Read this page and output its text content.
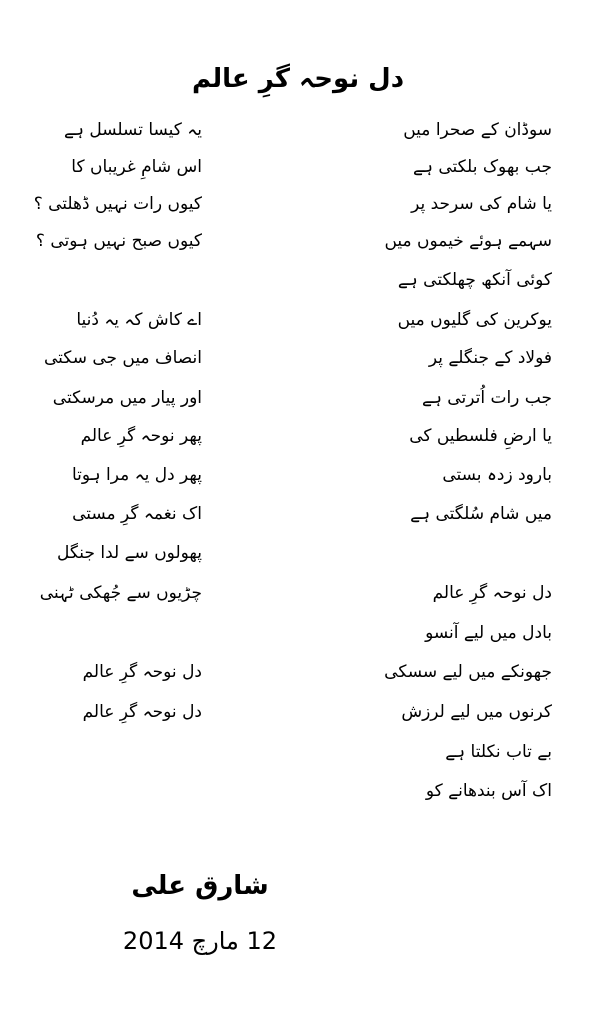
دل نوحہ گرِ عالم
سوڈان کے صحرا میں
یہ کیسا تسلسل ہے
جب بھوک بلکتی ہے
اس شامِ غریباں کا
یا شام کی سرحد پر
کیوں رات نہیں ڈھلتی ؟
سہمے ہوئے خیموں میں
کیوں صبح نہیں ہوتی ؟
کوئی آنکھ چھلکتی ہے
یوکرین کی گلیوں میں
اے کاش کہ یہ دُنیا
فولاد کے جنگلے پر
انصاف میں جی سکتی
جب رات اُترتی ہے
اور پیار میں مرسکتی
یا ارضِ فلسطیں کی
پھر نوحہ گرِ عالم
بارود زدہ بستی
پھر دل یہ مرا ہوتا
میں شام سُلگتی ہے
اک نغمہ گرِ مستی
پھولوں سے لدا جنگل
دل نوحہ گرِ عالم
چڑیوں سے جُھکی ٹہنی
بادل میں لیے آنسو
جھونکے میں لیے سسکی
دل نوحہ گرِ عالم
کرنوں میں لیے لرزش
دل نوحہ گرِ عالم
بے تاب نکلتا ہے
اک آس بندھانے کو
شارق علی
12 مارچ 2014
